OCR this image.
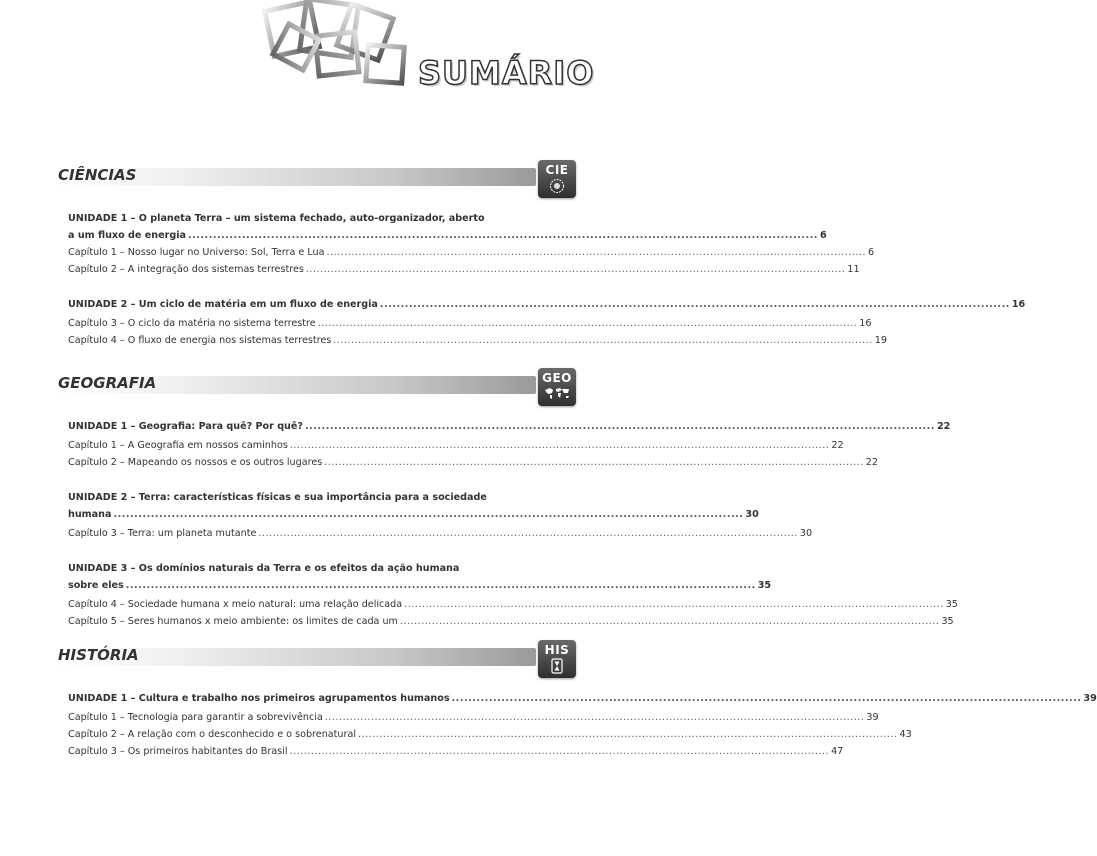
SUMÁRIO
CIÊNCIAS	CIE
UNIDADE 1 – O planeta Terra – um sistema fechado, auto-organizador, aberto
a um fluxo de energia .....	6
Capítulo 1 – Nosso lugar no Universo: Sol, Terra e Lua .....	6
Capítulo 2 – A integração dos sistemas terrestres .....	11
UNIDADE 2 – Um ciclo de matéria em um fluxo de energia .....	16
Capítulo 3 – O ciclo da matéria no sistema terrestre .....	16
Capítulo 4 – O fluxo de energia nos sistemas terrestres .....	19
GEOGRAFIA	GEO
UNIDADE 1 – Geografia: Para quê? Por quê? .....	22
Capítulo 1 – A Geografia em nossos caminhos .....	22
Capítulo 2 – Mapeando os nossos e os outros lugares .....	22
UNIDADE 2 – Terra: características físicas e sua importância para a sociedade
humana .....	30
Capítulo 3 – Terra: um planeta mutante .....	30
UNIDADE 3 – Os domínios naturais da Terra e os efeitos da ação humana
sobre eles .....	35
Capítulo 4 – Sociedade humana x meio natural: uma relação delicada .....	35
Capítulo 5 – Seres humanos x meio ambiente: os limites de cada um .....	35
HISTÓRIA	HIS
UNIDADE 1 – Cultura e trabalho nos primeiros agrupamentos humanos .....	39
Capítulo 1 – Tecnologia para garantir a sobrevivência .....	39
Capítulo 2 – A relação com o desconhecido e o sobrenatural .....	43
Capítulo 3 – Os primeiros habitantes do Brasil .....	47
